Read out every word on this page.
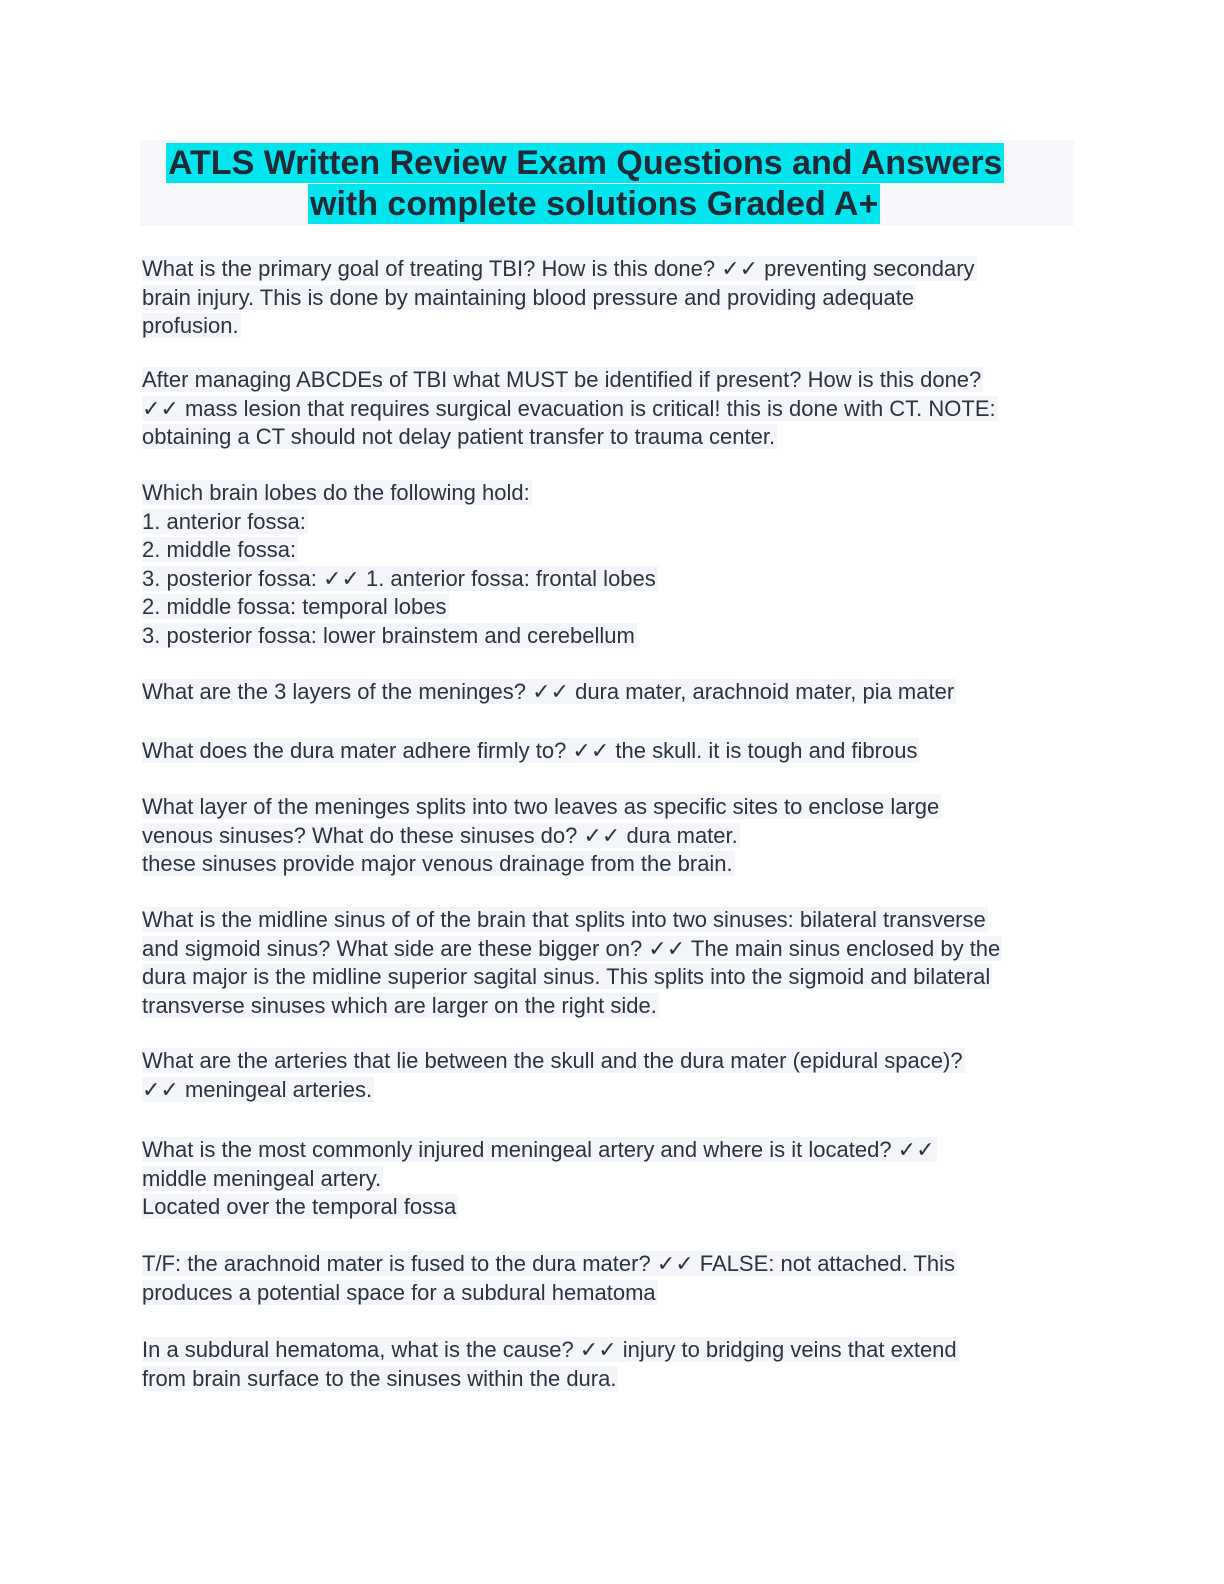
ATLS Written Review Exam Questions and Answers
with complete solutions Graded A+
What is the primary goal of treating TBI? How is this done? ✓✓ preventing secondary
brain injury. This is done by maintaining blood pressure and providing adequate
profusion.
After managing ABCDEs of TBI what MUST be identified if present? How is this done?
✓✓ mass lesion that requires surgical evacuation is critical! this is done with CT. NOTE:
obtaining a CT should not delay patient transfer to trauma center.
Which brain lobes do the following hold:
1. anterior fossa:
2. middle fossa:
3. posterior fossa: ✓✓ 1. anterior fossa: frontal lobes
2. middle fossa: temporal lobes
3. posterior fossa: lower brainstem and cerebellum
What are the 3 layers of the meninges? ✓✓ dura mater, arachnoid mater, pia mater
What does the dura mater adhere firmly to? ✓✓ the skull. it is tough and fibrous
What layer of the meninges splits into two leaves as specific sites to enclose large
venous sinuses? What do these sinuses do? ✓✓ dura mater.
these sinuses provide major venous drainage from the brain.
What is the midline sinus of of the brain that splits into two sinuses: bilateral transverse
and sigmoid sinus? What side are these bigger on? ✓✓ The main sinus enclosed by the
dura major is the midline superior sagital sinus. This splits into the sigmoid and bilateral
transverse sinuses which are larger on the right side.
What are the arteries that lie between the skull and the dura mater (epidural space)?
✓✓ meningeal arteries.
What is the most commonly injured meningeal artery and where is it located? ✓✓
middle meningeal artery.
Located over the temporal fossa
T/F: the arachnoid mater is fused to the dura mater? ✓✓ FALSE: not attached. This
produces a potential space for a subdural hematoma
In a subdural hematoma, what is the cause? ✓✓ injury to bridging veins that extend
from brain surface to the sinuses within the dura.
